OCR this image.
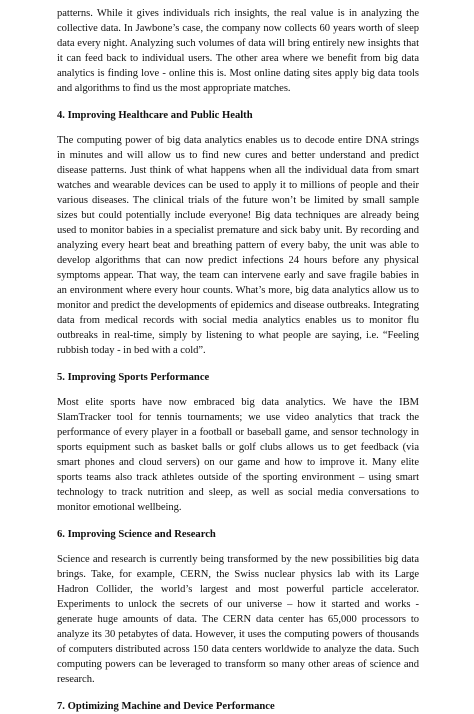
patterns. While it gives individuals rich insights, the real value is in analyzing the collective data. In Jawbone’s case, the company now collects 60 years worth of sleep data every night. Analyzing such volumes of data will bring entirely new insights that it can feed back to individual users. The other area where we benefit from big data analytics is finding love - online this is. Most online dating sites apply big data tools and algorithms to find us the most appropriate matches.

4. Improving Healthcare and Public Health

The computing power of big data analytics enables us to decode entire DNA strings in minutes and will allow us to find new cures and better understand and predict disease patterns. Just think of what happens when all the individual data from smart watches and wearable devices can be used to apply it to millions of people and their various diseases. The clinical trials of the future won’t be limited by small sample sizes but could potentially include everyone! Big data techniques are already being used to monitor babies in a specialist premature and sick baby unit. By recording and analyzing every heart beat and breathing pattern of every baby, the unit was able to develop algorithms that can now predict infections 24 hours before any physical symptoms appear. That way, the team can intervene early and save fragile babies in an environment where every hour counts. What’s more, big data analytics allow us to monitor and predict the developments of epidemics and disease outbreaks. Integrating data from medical records with social media analytics enables us to monitor flu outbreaks in real-time, simply by listening to what people are saying, i.e. “Feeling rubbish today - in bed with a cold”.

5. Improving Sports Performance

Most elite sports have now embraced big data analytics. We have the IBM SlamTracker tool for tennis tournaments; we use video analytics that track the performance of every player in a football or baseball game, and sensor technology in sports equipment such as basket balls or golf clubs allows us to get feedback (via smart phones and cloud servers) on our game and how to improve it. Many elite sports teams also track athletes outside of the sporting environment – using smart technology to track nutrition and sleep, as well as social media conversations to monitor emotional wellbeing.

6. Improving Science and Research

Science and research is currently being transformed by the new possibilities big data brings. Take, for example, CERN, the Swiss nuclear physics lab with its Large Hadron Collider, the world’s largest and most powerful particle accelerator. Experiments to unlock the secrets of our universe – how it started and works - generate huge amounts of data. The CERN data center has 65,000 processors to analyze its 30 petabytes of data. However, it uses the computing powers of thousands of computers distributed across 150 data centers worldwide to analyze the data. Such computing powers can be leveraged to transform so many other areas of science and research.

7. Optimizing Machine and Device Performance
